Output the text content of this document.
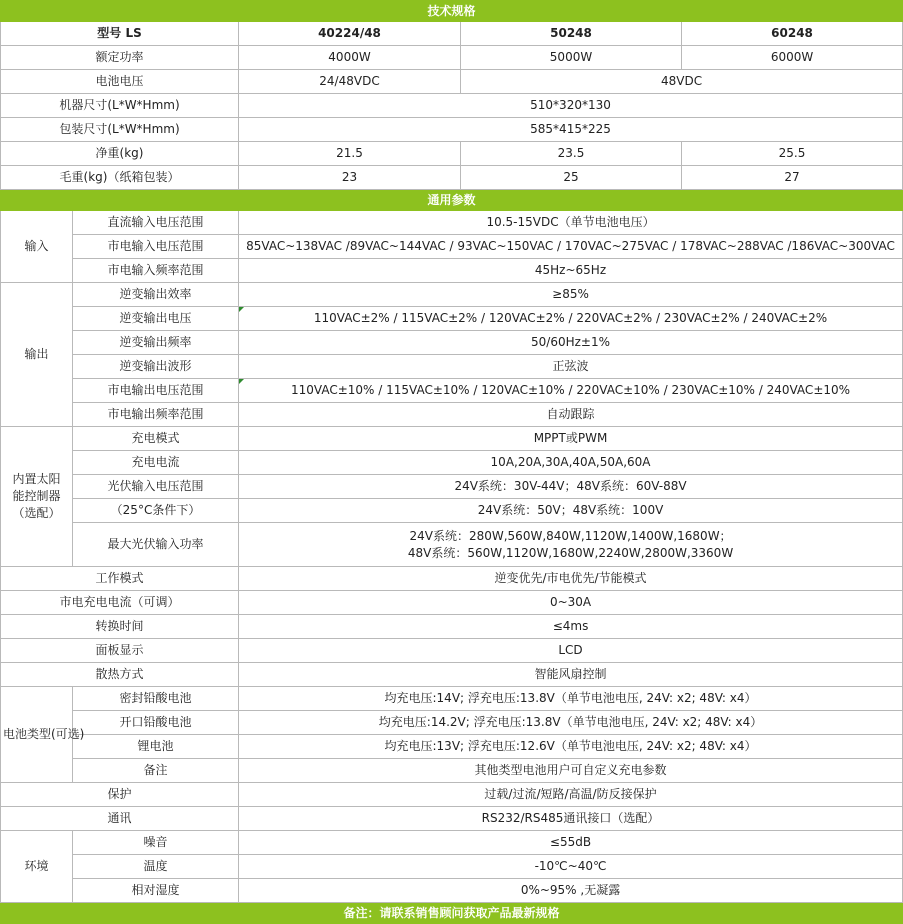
技术规格				
型号 LS		40224/48	50248	60248
额定功率		4000W	5000W	6000W
电池电压		24/48VDC	48VDC	
机器尺寸(L*W*Hmm)		510*320*130		
包装尺寸(L*W*Hmm)		585*415*225		
净重(kg)		21.5	23.5	25.5
毛重(kg)（纸箱包装）		23	25	27
通用参数				
输入	直流输入电压范围	10.5-15VDC（单节电池电压）		
	市电输入电压范围	85VAC~138VAC /89VAC~144VAC / 93VAC~150VAC / 170VAC~275VAC / 178VAC~288VAC /186VAC~300VAC		
	市电输入频率范围	45Hz~65Hz		
输出	逆变输出效率	≥85%		
	逆变输出电压	110VAC±2% / 115VAC±2% / 120VAC±2% / 220VAC±2% / 230VAC±2% / 240VAC±2%		
	逆变输出频率	50/60Hz±1%		
	逆变输出波形	正弦波		
	市电输出电压范围	110VAC±10% / 115VAC±10% / 120VAC±10% / 220VAC±10% / 230VAC±10% / 240VAC±10%		
	市电输出频率范围	自动跟踪		

内置太阳
能控制器
（选配）	充电模式	MPPT或PWM		
	充电电流	10A,20A,30A,40A,50A,60A		
	光伏输入电压范围	24V系统：30V-44V；48V系统：60V-88V		
	（25°C条件下）	24V系统：50V；48V系统：100V		
	最大光伏输入功率	24V系统：280W,560W,840W,1120W,1400W,1680W；
48V系统：560W,1120W,1680W,2240W,2800W,3360W		

工作模式		逆变优先/市电优先/节能模式		
市电充电电流（可调）		0~30A		
转换时间		≤4ms		
面板显示		LCD		
散热方式		智能风扇控制		
电池类型(可选)	密封铅酸电池	均充电压:14V; 浮充电压:13.8V（单节电池电压, 24V: x2; 48V: x4）		
	开口铅酸电池	均充电压:14.2V; 浮充电压:13.8V（单节电池电压, 24V: x2; 48V: x4）		
	锂电池	均充电压:13V; 浮充电压:12.6V（单节电池电压, 24V: x2; 48V: x4）		
	备注	其他类型电池用户可自定义充电参数		
保护		过载/过流/短路/高温/防反接保护		
通讯		RS232/RS485通讯接口（选配）		
环境	噪音	≤55dB		
	温度	-10℃~40℃		
	相对湿度	0%~95% ,无凝露		
备注：请联系销售顾问获取产品最新规格				
